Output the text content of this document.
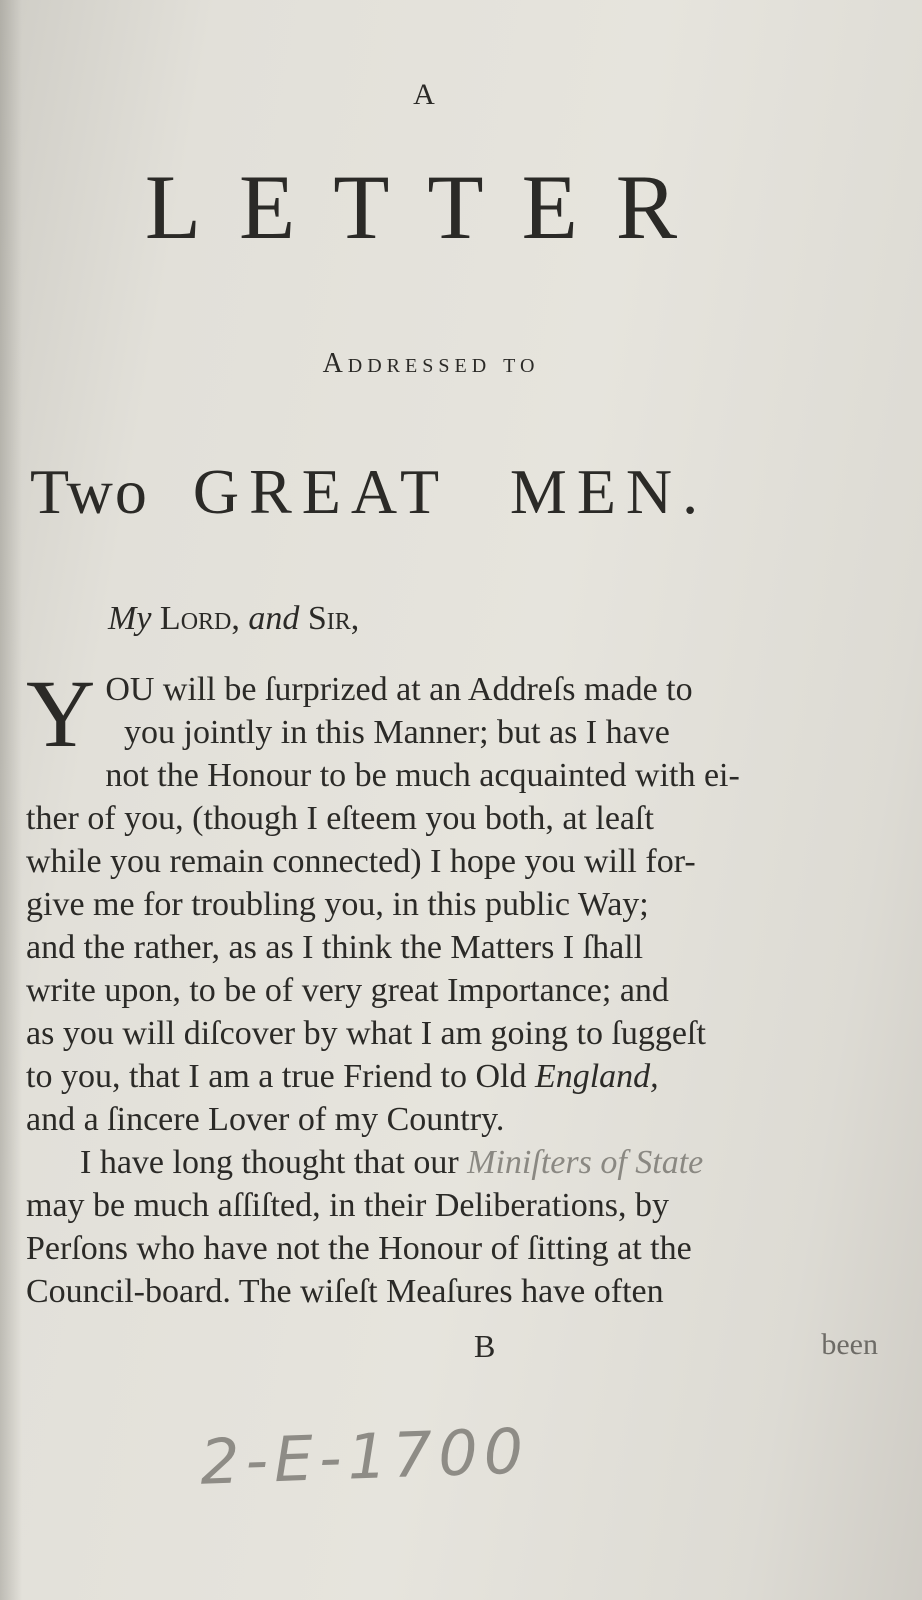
A
LETTER
Addressed to
Two GREAT MEN.
My Lord, and Sir,
Y OU will be ſurprized at an Addreſs made to
you jointly in this Manner; but as I have
not the Honour to be much acquainted with ei-
ther of you, (though I eſteem you both, at leaſt
while you remain connected) I hope you will for-
give me for troubling you, in this public Way;
and the rather, as as I think the Matters I ſhall
write upon, to be of very great Importance; and
as you will diſcover by what I am going to ſuggeſt
to you, that I am a true Friend to Old England,
and a ſincere Lover of my Country.
I have long thought that our Miniſters of State
may be much aſſiſted, in their Deliberations, by
Perſons who have not the Honour of ſitting at the
Council-board. The wiſeſt Meaſures have often
B	been
2-E-1700
